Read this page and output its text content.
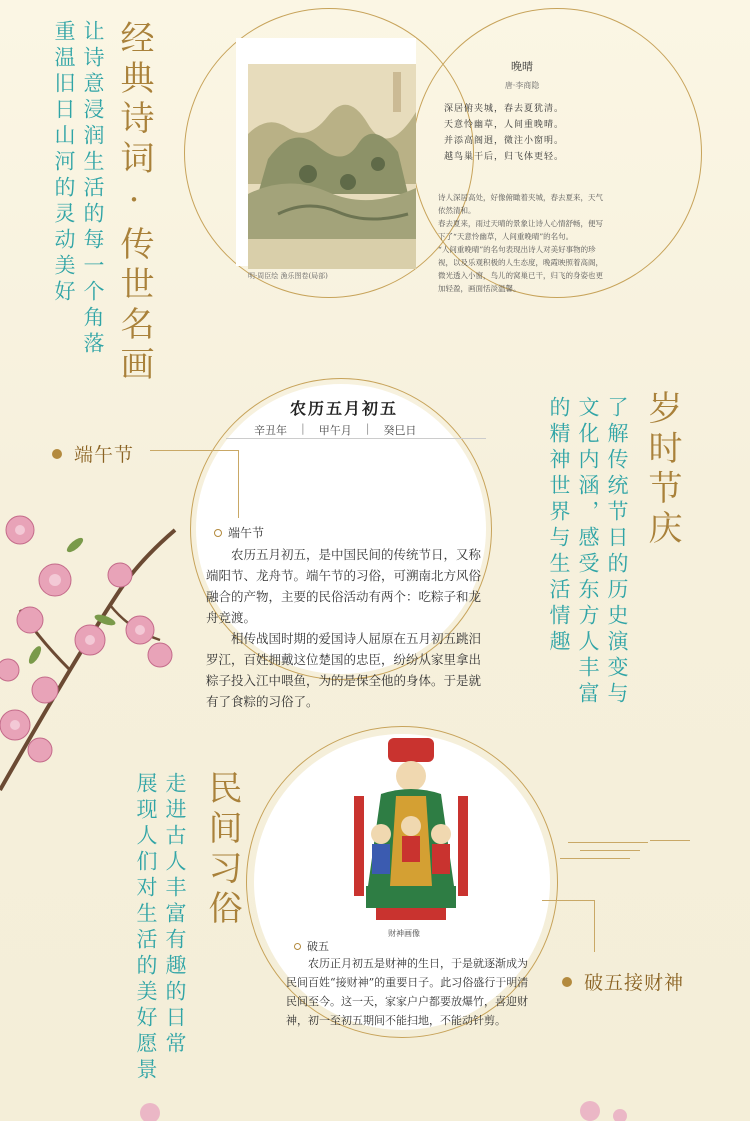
经典诗词·传世名画
让诗意浸润生活的每一个角落
重温旧日山河的灵动美好	明·周臣绘 漁乐图卷(局部)
晚晴
唐·李商隐
深居俯夹城，春去夏犹清。
天意怜幽草，人间重晚晴。
并添高阁迥，微注小窗明。
越鸟巢干后，归飞体更轻。
诗人深居高处，好像俯瞰着夹城，春去夏来，天气依然清和。
春去夏来，雨过天晴的景象让诗人心情舒畅，便写下了“天意怜幽草，人间重晚晴”的名句。
“人间重晚晴”的名句表现出诗人对美好事物的珍视，以及乐观积极的人生态度，晚霞映照着高阁，微光透入小窗，鸟儿的窝巢已干，归飞的身姿也更加轻盈，画面恬淡温馨。
岁时节庆
了解传统节日的历史演变与
文化内涵，感受东方人丰富
的精神世界与生活情趣
农历五月初五
辛丑年 | 甲午月 | 癸巳日
端午节
农历五月初五，是中国民间的传统节日，又称端阳节、龙舟节。端午节的习俗，可溯南北方风俗融合的产物，主要的民俗活动有两个：吃粽子和龙舟竞渡。
相传战国时期的爱国诗人屈原在五月初五跳汨罗江，百姓拥戴这位楚国的忠臣，纷纷从家里拿出粽子投入江中喂鱼，为的是保全他的身体。于是就有了食粽的习俗了。
端午节
民间习俗
走进古人丰富有趣的日常
展现人们对生活的美好愿景	财神画像
破五
农历正月初五是财神的生日，于是就逐渐成为民间百姓“接财神”的重要日子。此习俗盛行于明清民间至今。这一天，家家户户都要放爆竹，喜迎财神，初一至初五期间不能扫地，不能动针剪。
破五接财神
